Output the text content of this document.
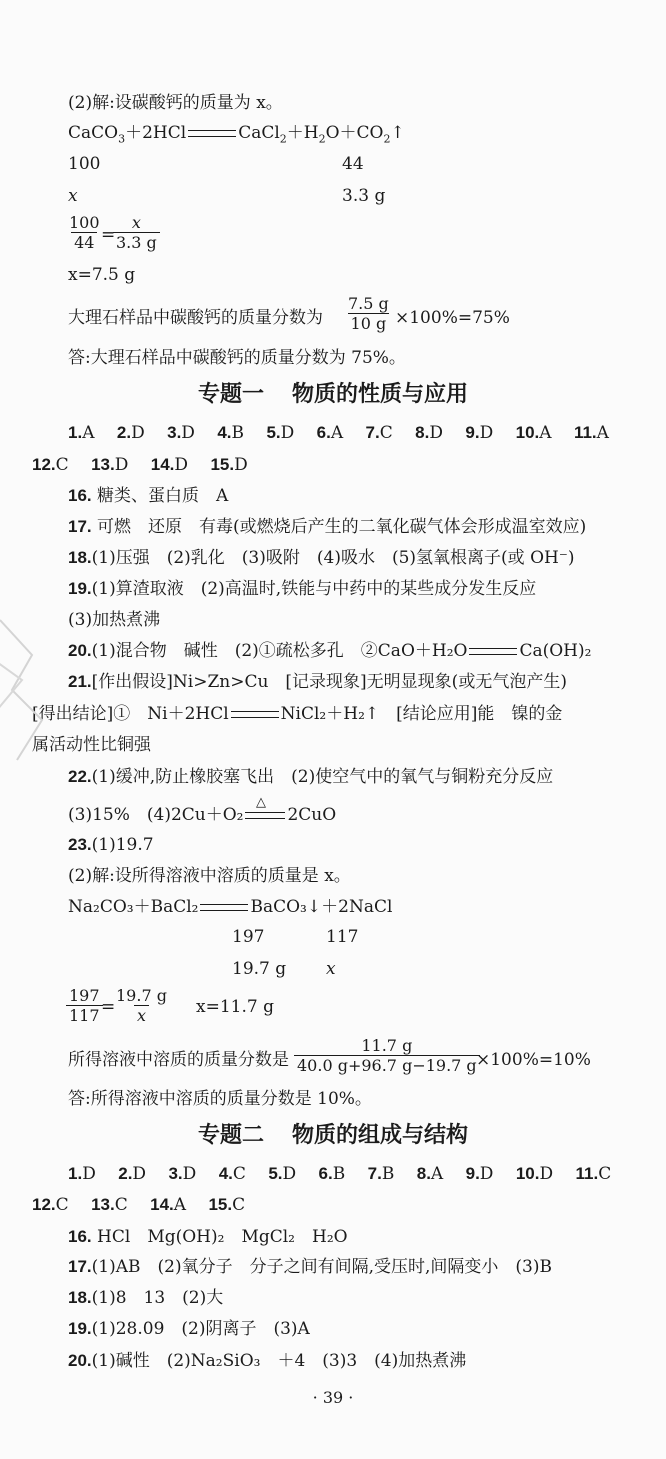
(2)解:设碳酸钙的质量为 x。
CaCO$_3$＋2HCl	$CaCl_2+H_2O+CO_2$ ↑
100	44
x	3.3 g
$\frac{100}{44}$
=
$\frac{x}{3.3 g}$
x=7.5 g
大理石样品中碳酸钙的质量分数为 $\frac{7.5 g}{10 g} \times 100\%=75\%$
答:大理石样品中碳酸钙的质量分数为 75%。
专题一 物质的性质与应用
1.A　 2.D　 3.D　 4.B　 5.D　 6.A　 7.C　 8.D　 9.D　 10.A　 11.A
12.C　 13.D　 14.D　 15.D
16. 糖类、蛋白质　A
17. 可燃　还原　有毒(或燃烧后产生的二氧化碳气体会形成温室效应)
18.(1)压强　(2)乳化　(3)吸附　(4)吸水　(5)氢氧根离子(或 OH⁻)
19.(1)算渣取液　(2)高温时,铁能与中药中的某些成分发生反应
(3)加热煮沸
20.(1)混合物　碱性　(2)①疏松多孔　②CaO＋H₂O	Ca(OH)₂
21.[作出假设]Ni>Zn>Cu　[记录现象]无明显现象(或无气泡产生)
[得出结论]①　Ni＋2HCl	NiCl₂＋H₂ ↑　[结论应用]能　镍的金
属活动性比铜强
22.(1)缓冲,防止橡胶塞飞出　(2)使空气中的氧气与铜粉充分反应
△
(3)15%　(4)2Cu＋O₂	2CuO
23.(1)19.7
(2)解:设所得溶液中溶质的质量是 x。
Na₂CO₃＋BaCl₂	BaCO₃ ↓ ＋2NaCl
197	117
19.7 g x
$\frac{197}{117}$
=
$\frac{19.7 g}{x} x=11.7$ g
所得溶液中溶质的质量分数是 $\frac{11.7 g}{40.0 g+96.7 g-19.7 g}$
×100%=10%
答:所得溶液中溶质的质量分数是 10%。
专题二 物质的组成与结构
1.D　 2.D　 3.D　 4.C　 5.D　 6.B　 7.B　 8.A　 9.D　 10.D　 11.C
12.C　 13.C　 14.A　 15.C
16. HCl　Mg(OH)₂　MgCl₂　H₂O
17.(1)AB　(2)氧分子　分子之间有间隔,受压时,间隔变小　(3)B
18.(1)8　13　(2)大
19.(1)28.09　(2)阴离子　(3)A
20.(1)碱性　(2)Na₂SiO₃　＋4　(3)3　(4)加热煮沸
· 39 ·
